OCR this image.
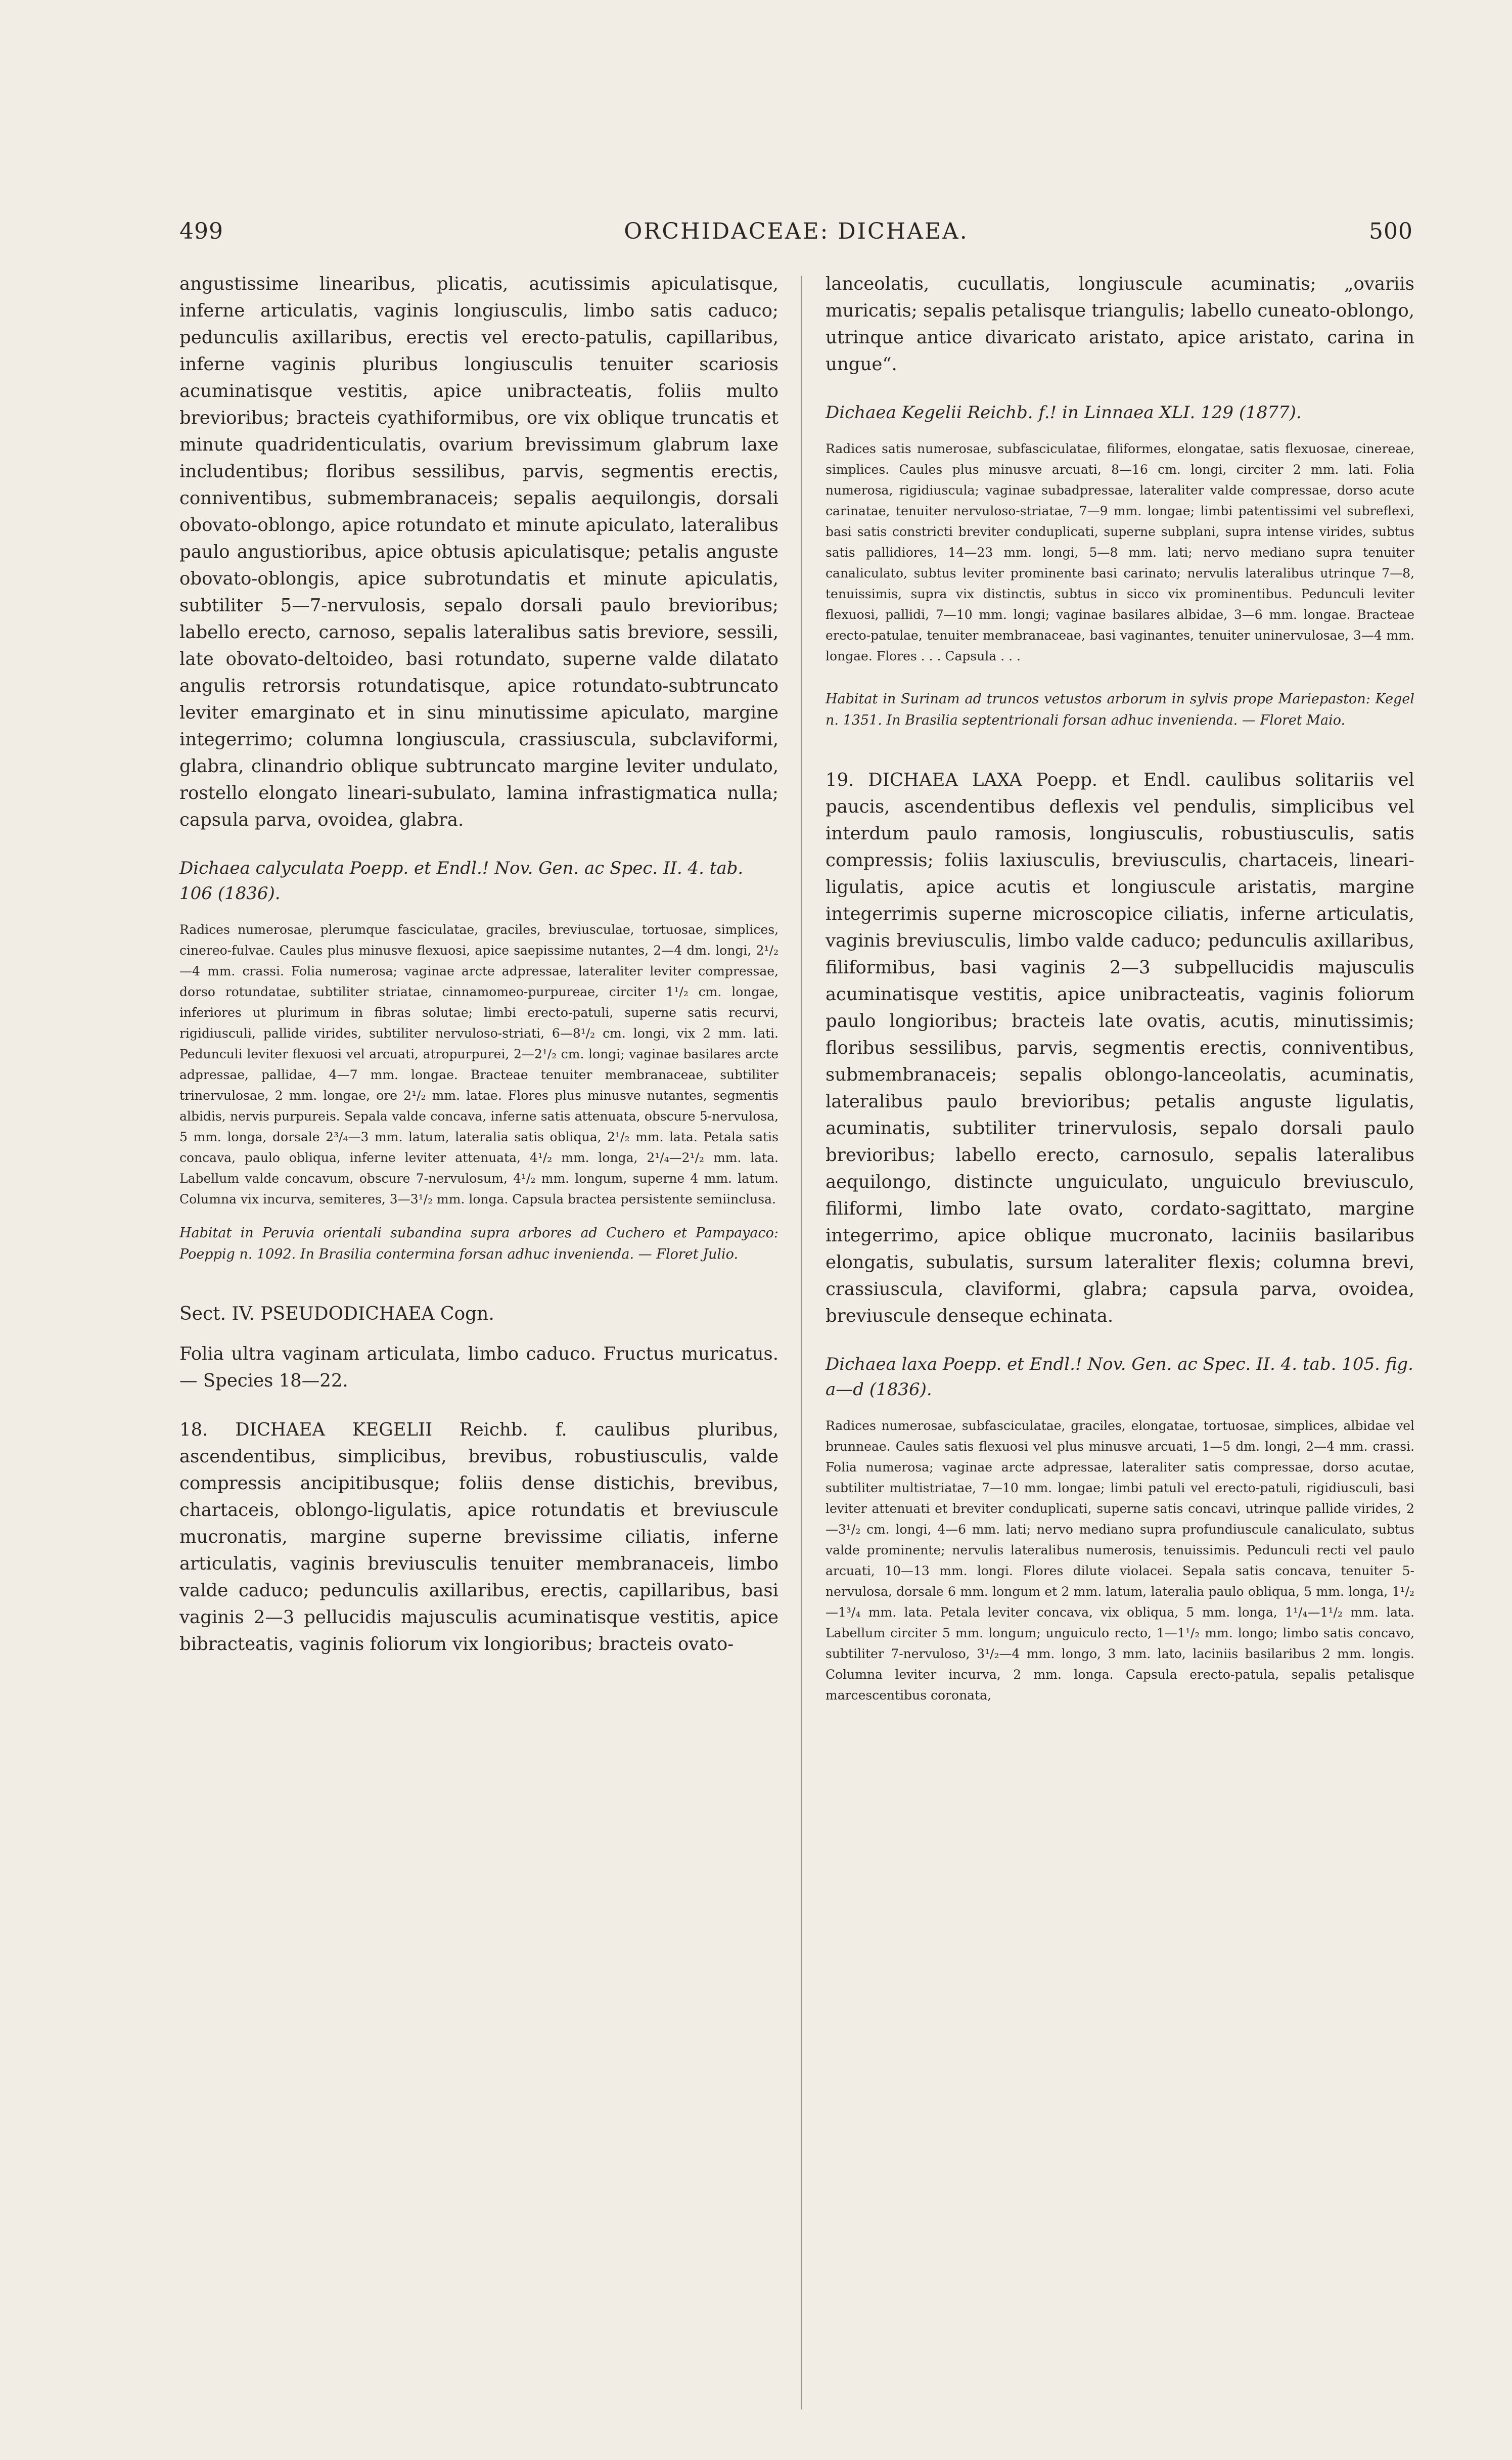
499	ORCHIDACEAE: DICHAEA.	500

angustissime linearibus, plicatis, acutissimis apiculatisque, inferne articulatis, vaginis longiusculis, limbo satis caduco; pedunculis axillaribus, erectis vel erecto-patulis, capillaribus, inferne vaginis pluribus longiusculis tenuiter scariosis acuminatisque vestitis, apice unibracteatis, foliis multo brevioribus; bracteis cyathiformibus, ore vix oblique truncatis et minute quadridenticulatis, ovarium brevissimum glabrum laxe includentibus; floribus sessilibus, parvis, segmentis erectis, conniventibus, submembranaceis; sepalis aequilongis, dorsali obovato-oblongo, apice rotundato et minute apiculato, lateralibus paulo angustioribus, apice obtusis apiculatisque; petalis anguste obovato-oblongis, apice subrotundatis et minute apiculatis, subtiliter 5—7-nervulosis, sepalo dorsali paulo brevioribus; labello erecto, carnoso, sepalis lateralibus satis breviore, sessili, late obovato-deltoideo, basi rotundato, superne valde dilatato angulis retrorsis rotundatisque, apice rotundato-subtruncato leviter emarginato et in sinu minutissime apiculato, margine integerrimo; columna longiuscula, crassiuscula, subclaviformi, glabra, clinandrio oblique subtruncato margine leviter undulato, rostello elongato lineari-subulato, lamina infrastigmatica nulla; capsula parva, ovoidea, glabra.

Dichaea calyculata Poepp. et Endl.! Nov. Gen. ac Spec. II. 4. tab. 106 (1836).

Radices numerosae, plerumque fasciculatae, graciles, breviusculae, tortuosae, simplices, cinereo-fulvae. Caules plus minusve flexuosi, apice saepissime nutantes, 2—4 dm. longi, 2¹/₂—4 mm. crassi. Folia numerosa; vaginae arcte adpressae, lateraliter leviter compressae, dorso rotundatae, subtiliter striatae, cinnamomeo-purpureae, circiter 1¹/₂ cm. longae, inferiores ut plurimum in fibras solutae; limbi erecto-patuli, superne satis recurvi, rigidiusculi, pallide virides, subtiliter nervuloso-striati, 6—8¹/₂ cm. longi, vix 2 mm. lati. Pedunculi leviter flexuosi vel arcuati, atropurpurei, 2—2¹/₂ cm. longi; vaginae basilares arcte adpressae, pallidae, 4—7 mm. longae. Bracteae tenuiter membranaceae, subtiliter trinervulosae, 2 mm. longae, ore 2¹/₂ mm. latae. Flores plus minusve nutantes, segmentis albidis, nervis purpureis. Sepala valde concava, inferne satis attenuata, obscure 5-nervulosa, 5 mm. longa, dorsale 2³/₄—3 mm. latum, lateralia satis obliqua, 2¹/₂ mm. lata. Petala satis concava, paulo obliqua, inferne leviter attenuata, 4¹/₂ mm. longa, 2¹/₄—2¹/₂ mm. lata. Labellum valde concavum, obscure 7-nervulosum, 4¹/₂ mm. longum, superne 4 mm. latum. Columna vix incurva, semiteres, 3—3¹/₂ mm. longa. Capsula bractea persistente semiinclusa.

Habitat in Peruvia orientali subandina supra arbores ad Cuchero et Pampayaco: Poeppig n. 1092. In Brasilia contermina forsan adhuc invenienda. — Floret Julio.

Sect. IV. PSEUDODICHAEA Cogn.

Folia ultra vaginam articulata, limbo caduco. Fructus muricatus. — Species 18—22.

18. DICHAEA KEGELII Reichb. f. caulibus pluribus, ascendentibus, simplicibus, brevibus, robustiusculis, valde compressis ancipitibusque; foliis dense distichis, brevibus, chartaceis, oblongo-ligulatis, apice rotundatis et breviuscule mucronatis, margine superne brevissime ciliatis, inferne articulatis, vaginis breviusculis tenuiter membranaceis, limbo valde caduco; pedunculis axillaribus, erectis, capillaribus, basi vaginis 2—3 pellucidis majusculis acuminatisque vestitis, apice bibracteatis, vaginis foliorum vix longioribus; bracteis ovato-

lanceolatis, cucullatis, longiuscule acuminatis; „ovariis muricatis; sepalis petalisque triangulis; labello cuneato-oblongo, utrinque antice divaricato aristato, apice aristato, carina in ungue“.

Dichaea Kegelii Reichb. f.! in Linnaea XLI. 129 (1877).

Radices satis numerosae, subfasciculatae, filiformes, elongatae, satis flexuosae, cinereae, simplices. Caules plus minusve arcuati, 8—16 cm. longi, circiter 2 mm. lati. Folia numerosa, rigidiuscula; vaginae subadpressae, lateraliter valde compressae, dorso acute carinatae, tenuiter nervuloso-striatae, 7—9 mm. longae; limbi patentissimi vel subreflexi, basi satis constricti breviter conduplicati, superne subplani, supra intense virides, subtus satis pallidiores, 14—23 mm. longi, 5—8 mm. lati; nervo mediano supra tenuiter canaliculato, subtus leviter prominente basi carinato; nervulis lateralibus utrinque 7—8, tenuissimis, supra vix distinctis, subtus in sicco vix prominentibus. Pedunculi leviter flexuosi, pallidi, 7—10 mm. longi; vaginae basilares albidae, 3—6 mm. longae. Bracteae erecto-patulae, tenuiter membranaceae, basi vaginantes, tenuiter uninervulosae, 3—4 mm. longae. Flores . . . Capsula . . .

Habitat in Surinam ad truncos vetustos arborum in sylvis prope Mariepaston: Kegel n. 1351. In Brasilia septentrionali forsan adhuc invenienda. — Floret Maio.

19. DICHAEA LAXA Poepp. et Endl. caulibus solitariis vel paucis, ascendentibus deflexis vel pendulis, simplicibus vel interdum paulo ramosis, longiusculis, robustiusculis, satis compressis; foliis laxiusculis, breviusculis, chartaceis, lineari-ligulatis, apice acutis et longiuscule aristatis, margine integerrimis superne microscopice ciliatis, inferne articulatis, vaginis breviusculis, limbo valde caduco; pedunculis axillaribus, filiformibus, basi vaginis 2—3 subpellucidis majusculis acuminatisque vestitis, apice unibracteatis, vaginis foliorum paulo longioribus; bracteis late ovatis, acutis, minutissimis; floribus sessilibus, parvis, segmentis erectis, conniventibus, submembranaceis; sepalis oblongo-lanceolatis, acuminatis, lateralibus paulo brevioribus; petalis anguste ligulatis, acuminatis, subtiliter trinervulosis, sepalo dorsali paulo brevioribus; labello erecto, carnosulo, sepalis lateralibus aequilongo, distincte unguiculato, unguiculo breviusculo, filiformi, limbo late ovato, cordato-sagittato, margine integerrimo, apice oblique mucronato, laciniis basilaribus elongatis, subulatis, sursum lateraliter flexis; columna brevi, crassiuscula, claviformi, glabra; capsula parva, ovoidea, breviuscule denseque echinata.

Dichaea laxa Poepp. et Endl.! Nov. Gen. ac Spec. II. 4. tab. 105. fig. a—d (1836).

Radices numerosae, subfasciculatae, graciles, elongatae, tortuosae, simplices, albidae vel brunneae. Caules satis flexuosi vel plus minusve arcuati, 1—5 dm. longi, 2—4 mm. crassi. Folia numerosa; vaginae arcte adpressae, lateraliter satis compressae, dorso acutae, subtiliter multistriatae, 7—10 mm. longae; limbi patuli vel erecto-patuli, rigidiusculi, basi leviter attenuati et breviter conduplicati, superne satis concavi, utrinque pallide virides, 2—3¹/₂ cm. longi, 4—6 mm. lati; nervo mediano supra profundiuscule canaliculato, subtus valde prominente; nervulis lateralibus numerosis, tenuissimis. Pedunculi recti vel paulo arcuati, 10—13 mm. longi. Flores dilute violacei. Sepala satis concava, tenuiter 5-nervulosa, dorsale 6 mm. longum et 2 mm. latum, lateralia paulo obliqua, 5 mm. longa, 1¹/₂—1³/₄ mm. lata. Petala leviter concava, vix obliqua, 5 mm. longa, 1¹/₄—1¹/₂ mm. lata. Labellum circiter 5 mm. longum; unguiculo recto, 1—1¹/₂ mm. longo; limbo satis concavo, subtiliter 7-nervuloso, 3¹/₂—4 mm. longo, 3 mm. lato, laciniis basilaribus 2 mm. longis. Columna leviter incurva, 2 mm. longa. Capsula erecto-patula, sepalis petalisque marcescentibus coronata,
